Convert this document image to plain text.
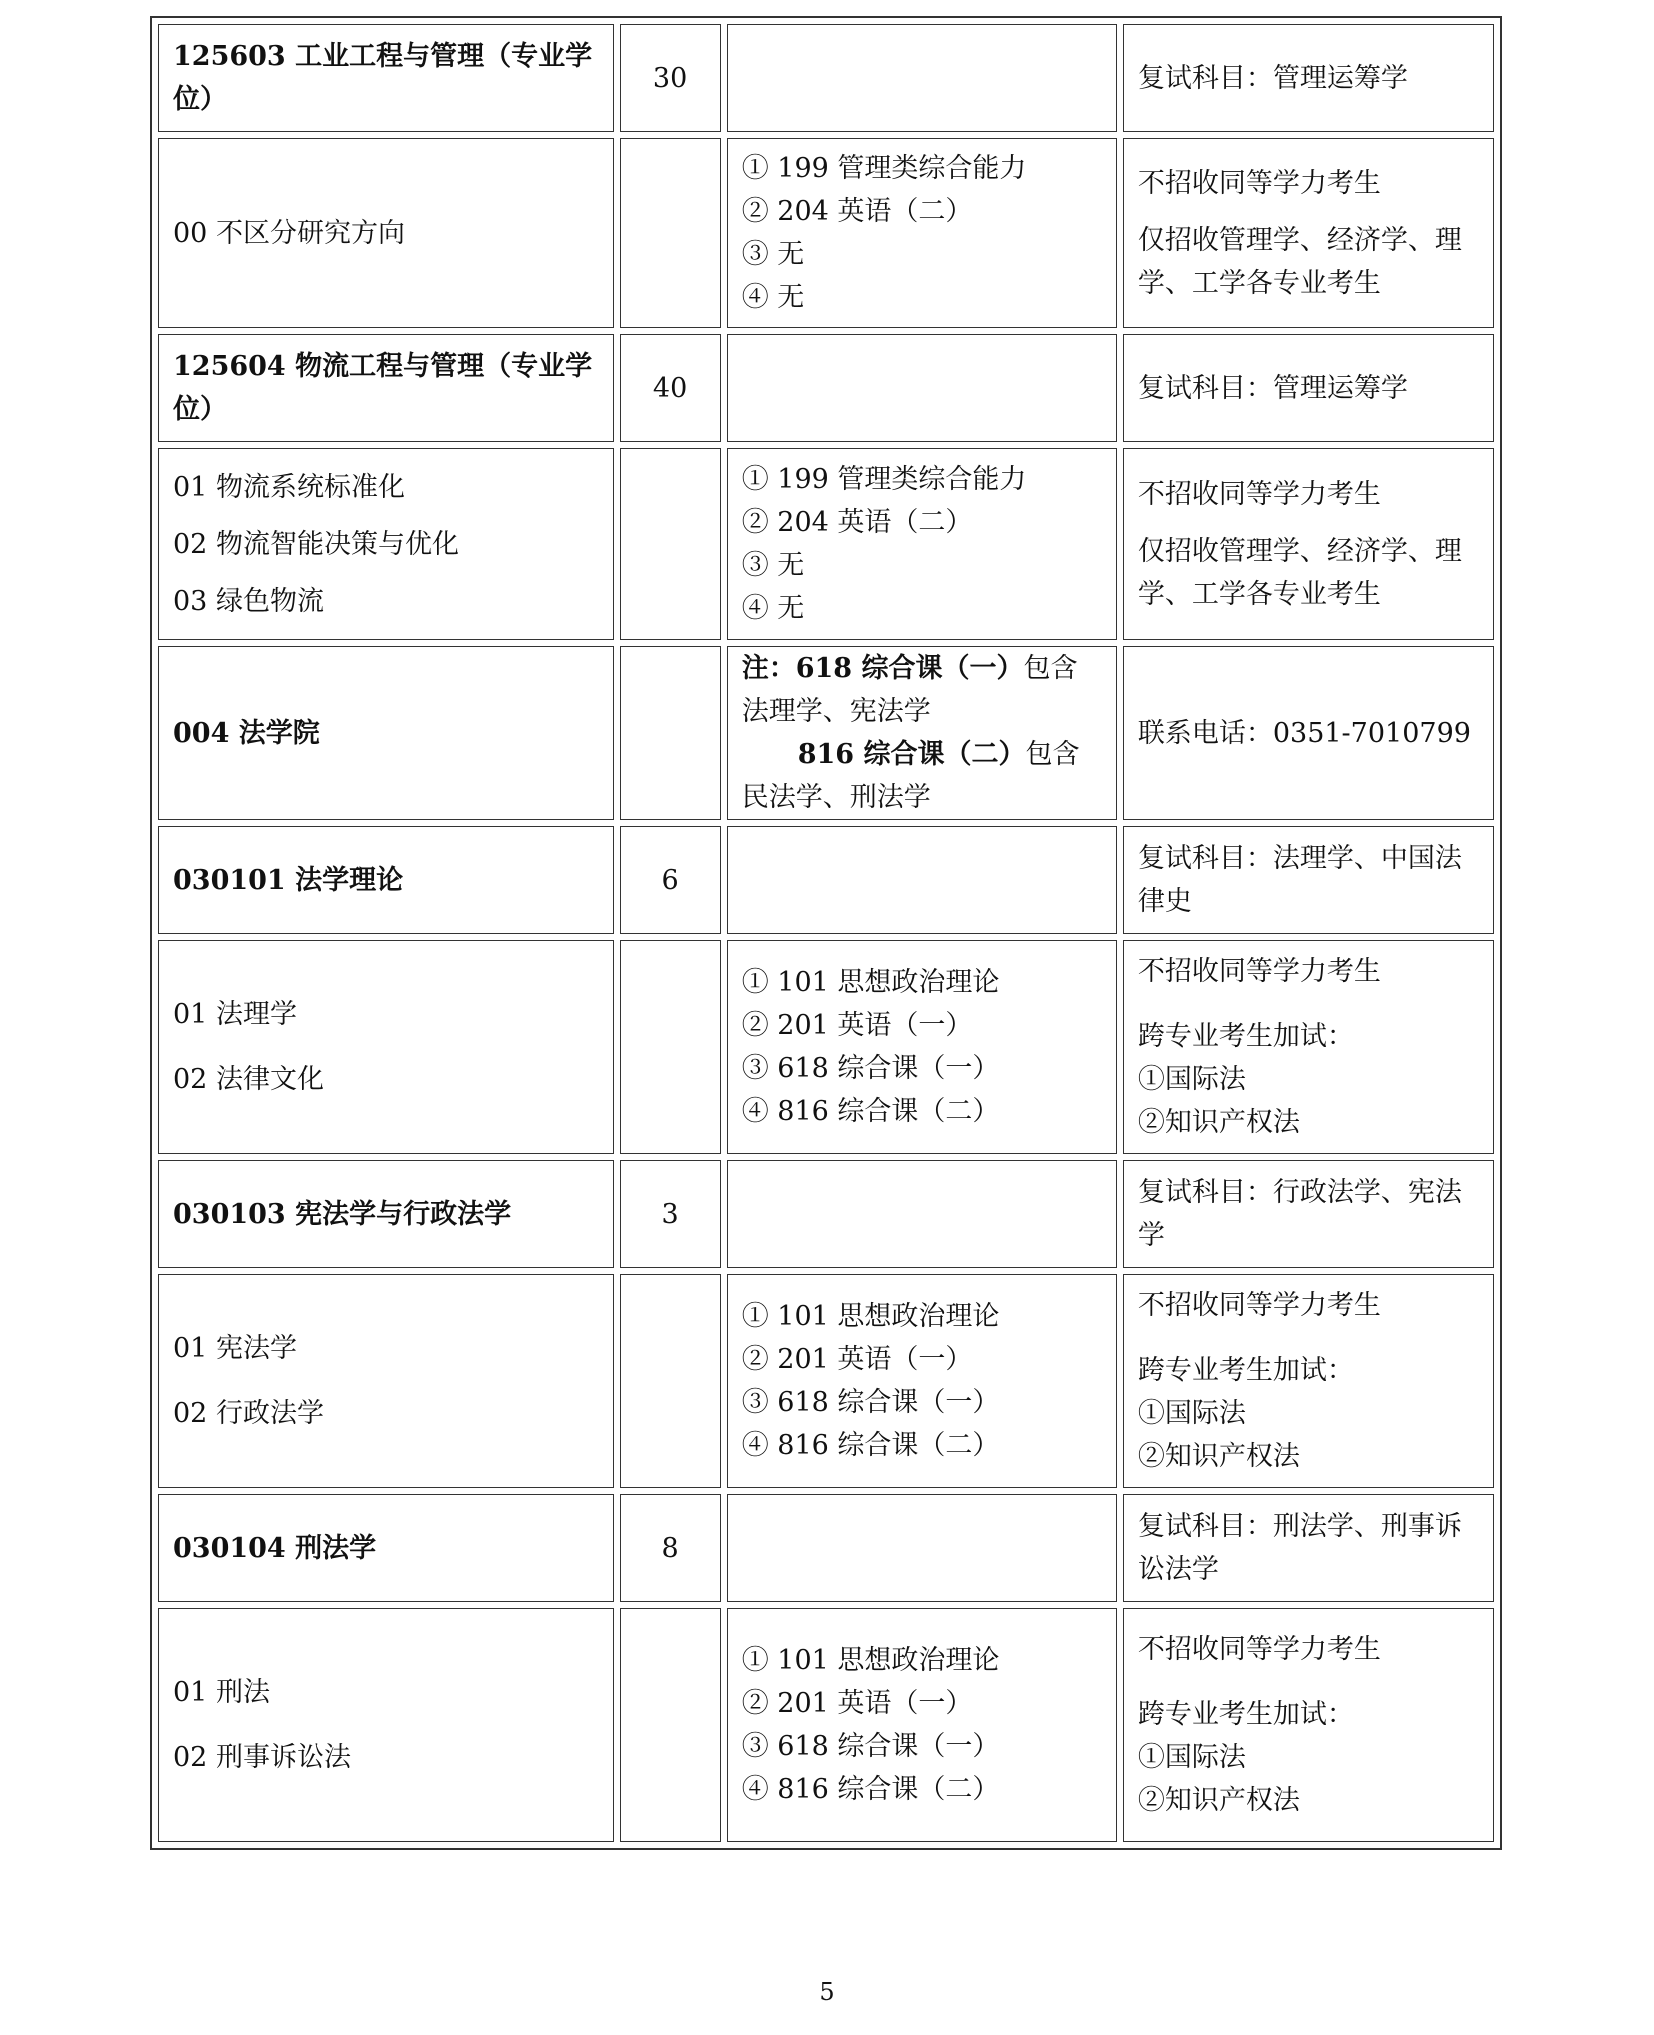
125603 工业工程与管理（专业学位）	30		复试科目：管理运筹学

00 不区分研究方向		① 199 管理类综合能力
② 204 英语（二）
③ 无
④ 无	不招收同等学力考生
仅招收管理学、经济学、理学、工学各专业考生

125604 物流工程与管理（专业学位）	40		复试科目：管理运筹学

01 物流系统标准化
02 物流智能决策与优化
03 绿色物流		① 199 管理类综合能力
② 204 英语（二）
③ 无
④ 无	不招收同等学力考生
仅招收管理学、经济学、理学、工学各专业考生

004 法学院		注：618 综合课（一）包含法理学、宪法学
816 综合课（二）包含民法学、刑法学	联系电话：0351-7010799

030101 法学理论	6		复试科目：法理学、中国法律史

01 法理学
02 法律文化		① 101 思想政治理论
② 201 英语（一）
③ 618 综合课（一）
④ 816 综合课（二）	不招收同等学力考生
跨专业考生加试：
①国际法
②知识产权法

030103 宪法学与行政法学	3		复试科目：行政法学、宪法学

01 宪法学
02 行政法学		① 101 思想政治理论
② 201 英语（一）
③ 618 综合课（一）
④ 816 综合课（二）	不招收同等学力考生
跨专业考生加试：
①国际法
②知识产权法

030104 刑法学	8		复试科目：刑法学、刑事诉讼法学

01 刑法
02 刑事诉讼法		① 101 思想政治理论
② 201 英语（一）
③ 618 综合课（一）
④ 816 综合课（二）	不招收同等学力考生
跨专业考生加试：
①国际法
②知识产权法
5
